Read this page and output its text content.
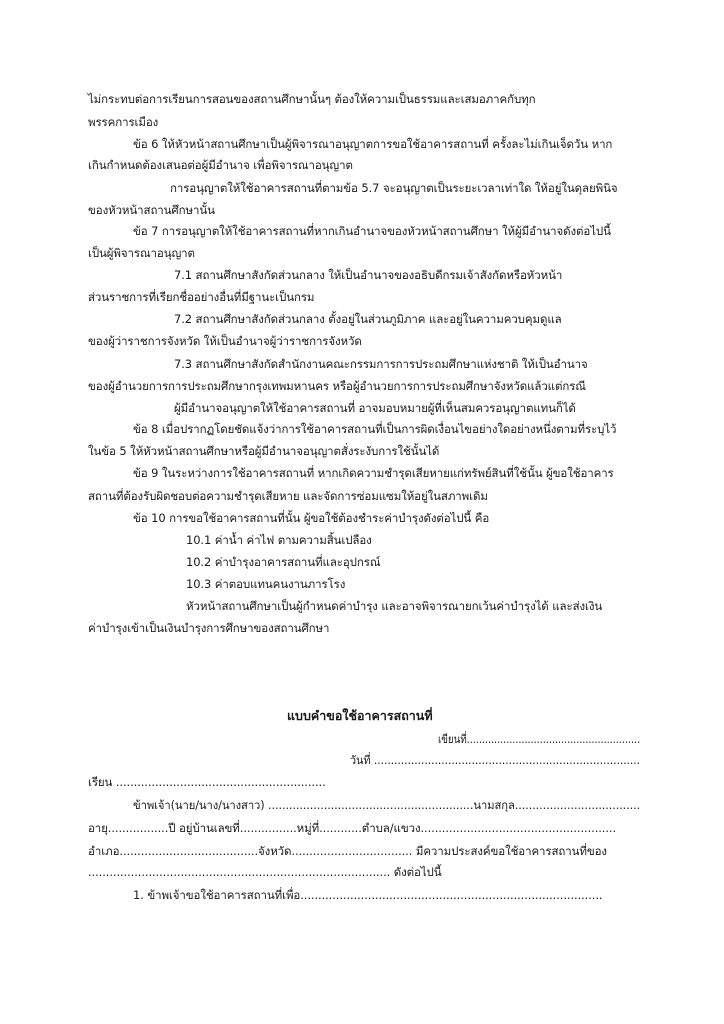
ไม่กระทบต่อการเรียนการสอนของสถานศึกษานั้นๆ ต้องให้ความเป็นธรรมและเสมอภาคกับทุก
พรรคการเมือง
ข้อ 6 ให้หัวหน้าสถานศึกษาเป็นผู้พิจารณาอนุญาตการขอใช้อาคารสถานที่ ครั้งละไม่เกินเจ็ดวัน หาก
เกินกำหนดต้องเสนอต่อผู้มีอำนาจ เพื่อพิจารณาอนุญาต
การอนุญาตให้ใช้อาคารสถานที่ตามข้อ 5.7 จะอนุญาตเป็นระยะเวลาเท่าใด ให้อยู่ในดุลยพินิจ
ของหัวหน้าสถานศึกษานั้น
ข้อ 7 การอนุญาตให้ใช้อาคารสถานที่หากเกินอำนาจของหัวหน้าสถานศึกษา ให้ผู้มีอำนาจดังต่อไปนี้
เป็นผู้พิจารณาอนุญาต
7.1 สถานศึกษาสังกัดส่วนกลาง ให้เป็นอำนาจของอธิบดีกรมเจ้าสังกัดหรือหัวหน้า
ส่วนราชการที่เรียกชื่ออย่างอื่นที่มีฐานะเป็นกรม
7.2 สถานศึกษาสังกัดส่วนกลาง ตั้งอยู่ในส่วนภูมิภาค และอยู่ในความควบคุมดูแล
ของผู้ว่าราชการจังหวัด ให้เป็นอำนาจผู้ว่าราชการจังหวัด
7.3 สถานศึกษาสังกัดสำนักงานคณะกรรมการการประถมศึกษาแห่งชาติ ให้เป็นอำนาจ
ของผู้อำนวยการการประถมศึกษากรุงเทพมหานคร หรือผู้อำนวยการการประถมศึกษาจังหวัดแล้วแต่กรณี
ผู้มีอำนาจอนุญาตให้ใช้อาคารสถานที่ อาจมอบหมายผู้ที่เห็นสมควรอนุญาตแทนก็ได้
ข้อ 8 เมื่อปรากฏโดยชัดแจ้งว่าการใช้อาคารสถานที่เป็นการผิดเงื่อนไขอย่างใดอย่างหนึ่งตามที่ระบุไว้
ในข้อ 5 ให้หัวหน้าสถานศึกษาหรือผู้มีอำนาจอนุญาตสั่งระงับการใช้นั้นได้
ข้อ 9 ในระหว่างการใช้อาคารสถานที่ หากเกิดความชำรุดเสียหายแก่ทรัพย์สินที่ใช้นั้น ผู้ขอใช้อาคาร
สถานที่ต้องรับผิดชอบต่อความชำรุดเสียหาย และจัดการซ่อมแซมให้อยู่ในสภาพเดิม
ข้อ 10 การขอใช้อาคารสถานที่นั้น ผู้ขอใช้ต้องชำระค่าบำรุงดังต่อไปนี้ คือ
10.1 ค่าน้ำ ค่าไฟ ตามความสิ้นเปลือง
10.2 ค่าบำรุงอาคารสถานที่และอุปกรณ์
10.3 ค่าตอบแทนคนงานภารโรง
หัวหน้าสถานศึกษาเป็นผู้กำหนดค่าบำรุง และอาจพิจารณายกเว้นค่าบำรุงได้ และส่งเงิน
ค่าบำรุงเข้าเป็นเงินบำรุงการศึกษาของสถานศึกษา
แบบคำขอใช้อาคารสถานที่
เขียนที่.........................................................
วันที่ ...............................................................................
เรียน ...........................................................
ข้าพเจ้า(นาย/นาง/นางสาว) ...........................................................นามสกุล....................................
อายุ.................ปี อยู่บ้านเลขที่................หมู่ที่............ตำบล/แขวง.......................................................
อำเภอ.......................................จังหวัด.................................. มีความประสงค์ขอใช้อาคารสถานที่ของ
..................................................................................... ดังต่อไปนี้
1. ข้าพเจ้าขอใช้อาคารสถานที่เพื่อ.....................................................................................
